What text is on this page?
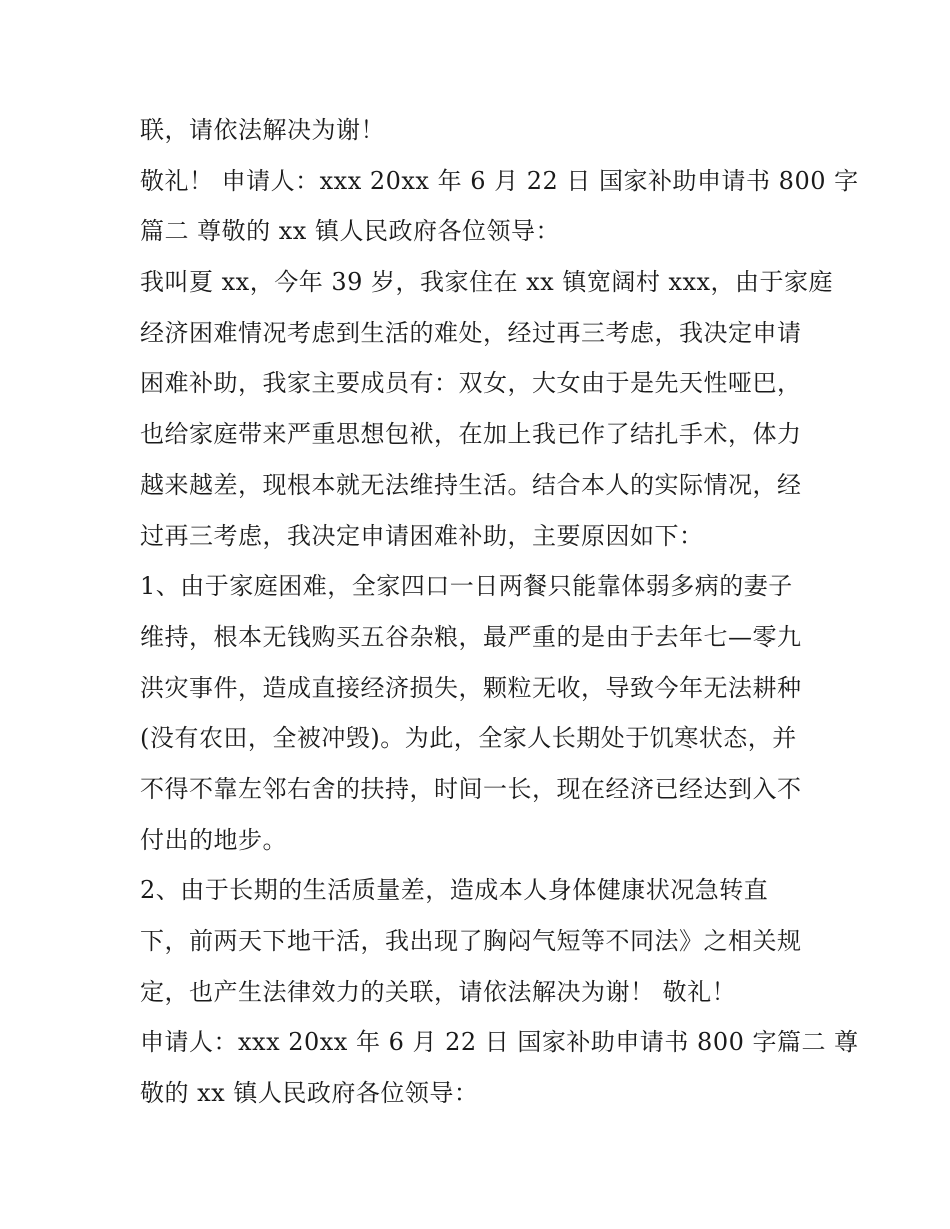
联，请依法解决为谢！
敬礼！ 申请人：xxx 20xx 年 6 月 22 日 国家补助申请书 800 字
篇二 尊敬的 xx 镇人民政府各位领导：
我叫夏 xx，今年 39 岁，我家住在 xx 镇宽阔村 xxx，由于家庭
经济困难情况考虑到生活的难处，经过再三考虑，我决定申请
困难补助，我家主要成员有：双女，大女由于是先天性哑巴，
也给家庭带来严重思想包袱，在加上我已作了结扎手术，体力
越来越差，现根本就无法维持生活。结合本人的实际情况，经
过再三考虑，我决定申请困难补助，主要原因如下：
1、由于家庭困难，全家四口一日两餐只能靠体弱多病的妻子
维持，根本无钱购买五谷杂粮，最严重的是由于去年七—零九
洪灾事件，造成直接经济损失，颗粒无收，导致今年无法耕种
(没有农田，全被冲毁)。为此，全家人长期处于饥寒状态，并
不得不靠左邻右舍的扶持，时间一长，现在经济已经达到入不
付出的地步。
2、由于长期的生活质量差，造成本人身体健康状况急转直
下，前两天下地干活，我出现了胸闷气短等不同法》之相关规
定，也产生法律效力的关联，请依法解决为谢！ 敬礼！
申请人：xxx 20xx 年 6 月 22 日 国家补助申请书 800 字篇二 尊
敬的 xx 镇人民政府各位领导：
